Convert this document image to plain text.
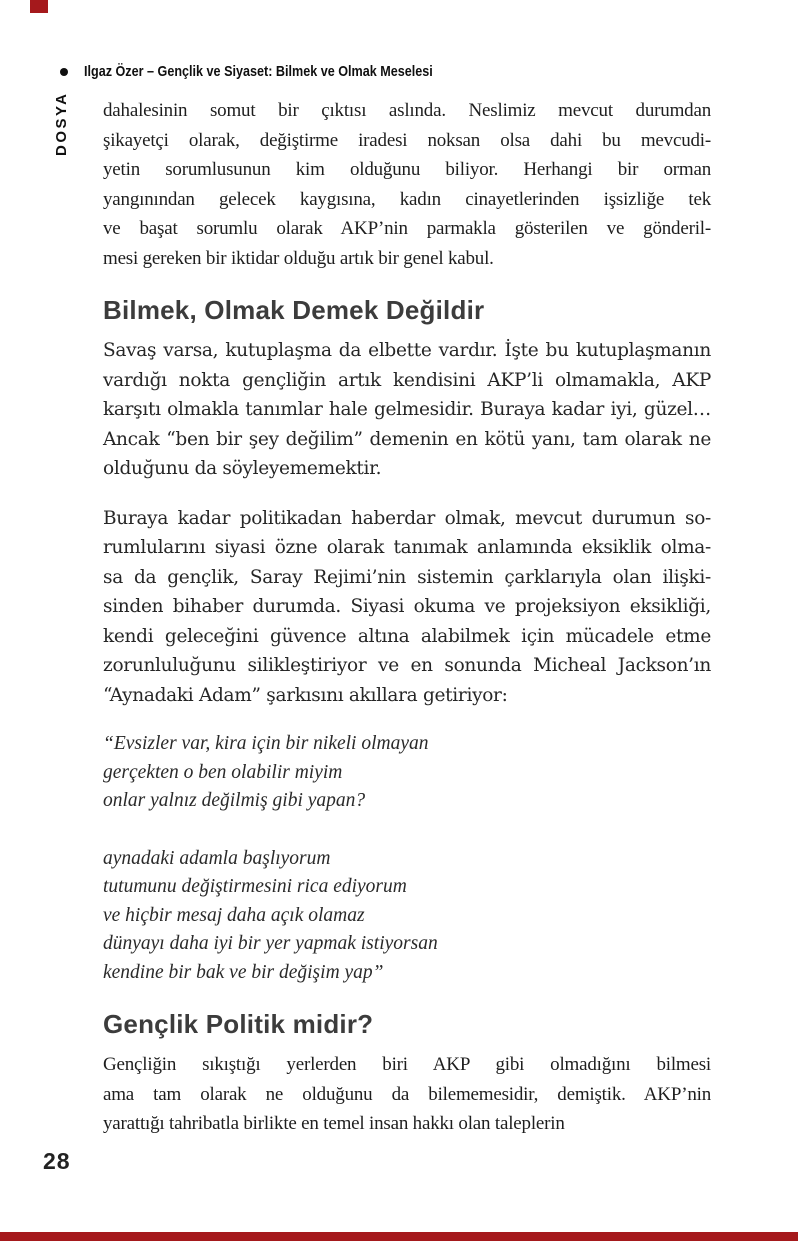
Ilgaz Özer – Gençlik ve Siyaset: Bilmek ve Olmak Meselesi
DOSYA dahalesinin somut bir çıktısı aslında. Neslimiz mevcut durumdan
şikayetçi olarak, değiştirme iradesi noksan olsa dahi bu mevcudi-
yetin sorumlusunun kim olduğunu biliyor. Herhangi bir orman
yangınından gelecek kaygısına, kadın cinayetlerinden işsizliğe tek
ve başat sorumlu olarak AKP’nin parmakla gösterilen ve gönderil-
mesi gereken bir iktidar olduğu artık bir genel kabul.
Bilmek, Olmak Demek Değildir
Savaş varsa, kutuplaşma da elbette vardır. İşte bu kutuplaşmanın
vardığı nokta gençliğin artık kendisini AKP’li olmamakla, AKP
karşıtı olmakla tanımlar hale gelmesidir. Buraya kadar iyi, güzel…
Ancak “ben bir şey değilim” demenin en kötü yanı, tam olarak ne
olduğunu da söyleyememektir.
Buraya kadar politikadan haberdar olmak, mevcut durumun so-
rumlularını siyasi özne olarak tanımak anlamında eksiklik olma-
sa da gençlik, Saray Rejimi’nin sistemin çarklarıyla olan ilişki-
sinden bihaber durumda. Siyasi okuma ve projeksiyon eksikliği,
kendi geleceğini güvence altına alabilmek için mücadele etme
zorunluluğunu silikleştiriyor ve en sonunda Micheal Jackson’ın
“Aynadaki Adam” şarkısını akıllara getiriyor:
“Evsizler var, kira için bir nikeli olmayan
gerçekten o ben olabilir miyim
onlar yalnız değilmiş gibi yapan?
aynadaki adamla başlıyorum
tutumunu değiştirmesini rica ediyorum
ve hiçbir mesaj daha açık olamaz
dünyayı daha iyi bir yer yapmak istiyorsan
kendine bir bak ve bir değişim yap”
Gençlik Politik midir?
Gençliğin sıkıştığı yerlerden biri AKP gibi olmadığını bilmesi
ama tam olarak ne olduğunu da bilememesidir, demiştik. AKP’nin
yarattığı tahribatla birlikte en temel insan hakkı olan taleplerin
28
